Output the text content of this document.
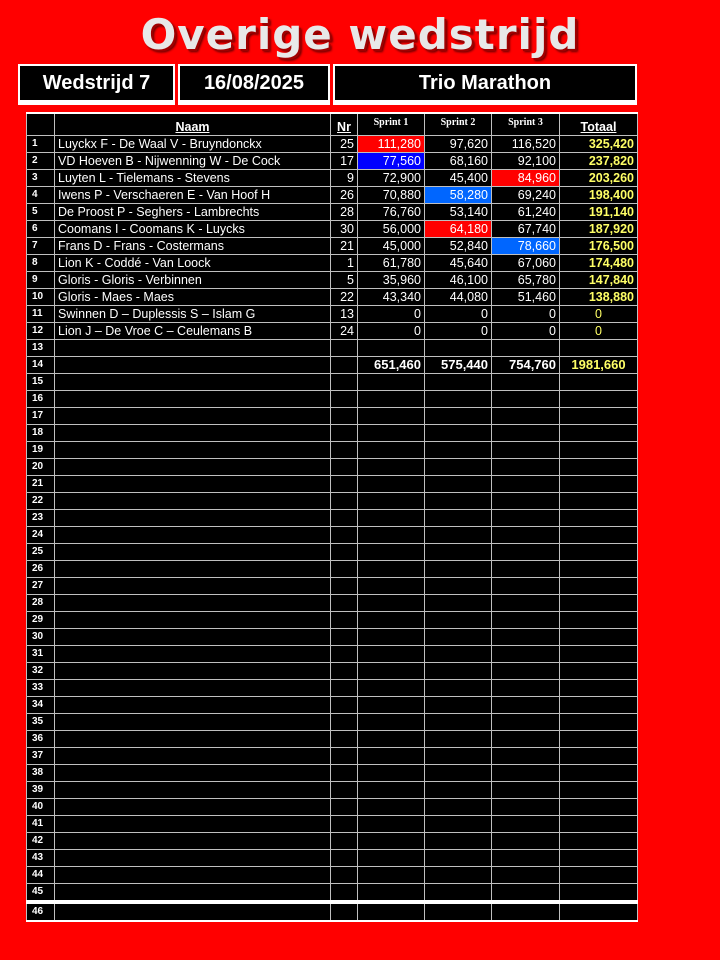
Overige wedstrijd
Wedstrijd 7	16/08/2025	Trio Marathon
	Naam	Nr	Sprint 1	Sprint 2	Sprint 3	Totaal
1	Luyckx F - De Waal V - Bruyndonckx	25	111,280	97,620	116,520	325,420
2	VD Hoeven B - Nijwenning W - De Cock	17	77,560	68,160	92,100	237,820
3	Luyten L - Tielemans - Stevens	9	72,900	45,400	84,960	203,260
4	Iwens P - Verschaeren E - Van Hoof H	26	70,880	58,280	69,240	198,400
5	De Proost P - Seghers - Lambrechts	28	76,760	53,140	61,240	191,140
6	Coomans I - Coomans K - Luycks	30	56,000	64,180	67,740	187,920
7	Frans D - Frans - Costermans	21	45,000	52,840	78,660	176,500
8	Lion K - Coddé - Van Loock	1	61,780	45,640	67,060	174,480
9	Gloris - Gloris - Verbinnen	5	35,960	46,100	65,780	147,840
10	Gloris - Maes - Maes	22	43,340	44,080	51,460	138,880
11	Swinnen D – Duplessis S – Islam G	13	0	0	0	0
12	Lion J – De Vroe C – Ceulemans B	24	0	0	0	0
13						
14			651,460	575,440	754,760	1981,660
15						
16						
17						
18						
19						
20						
21						
22						
23						
24						
25						
26						
27						
28						
29						
30						
31						
32						
33						
34						
35						
36						
37						
38						
39						
40						
41						
42						
43						
44						
45						
46						
